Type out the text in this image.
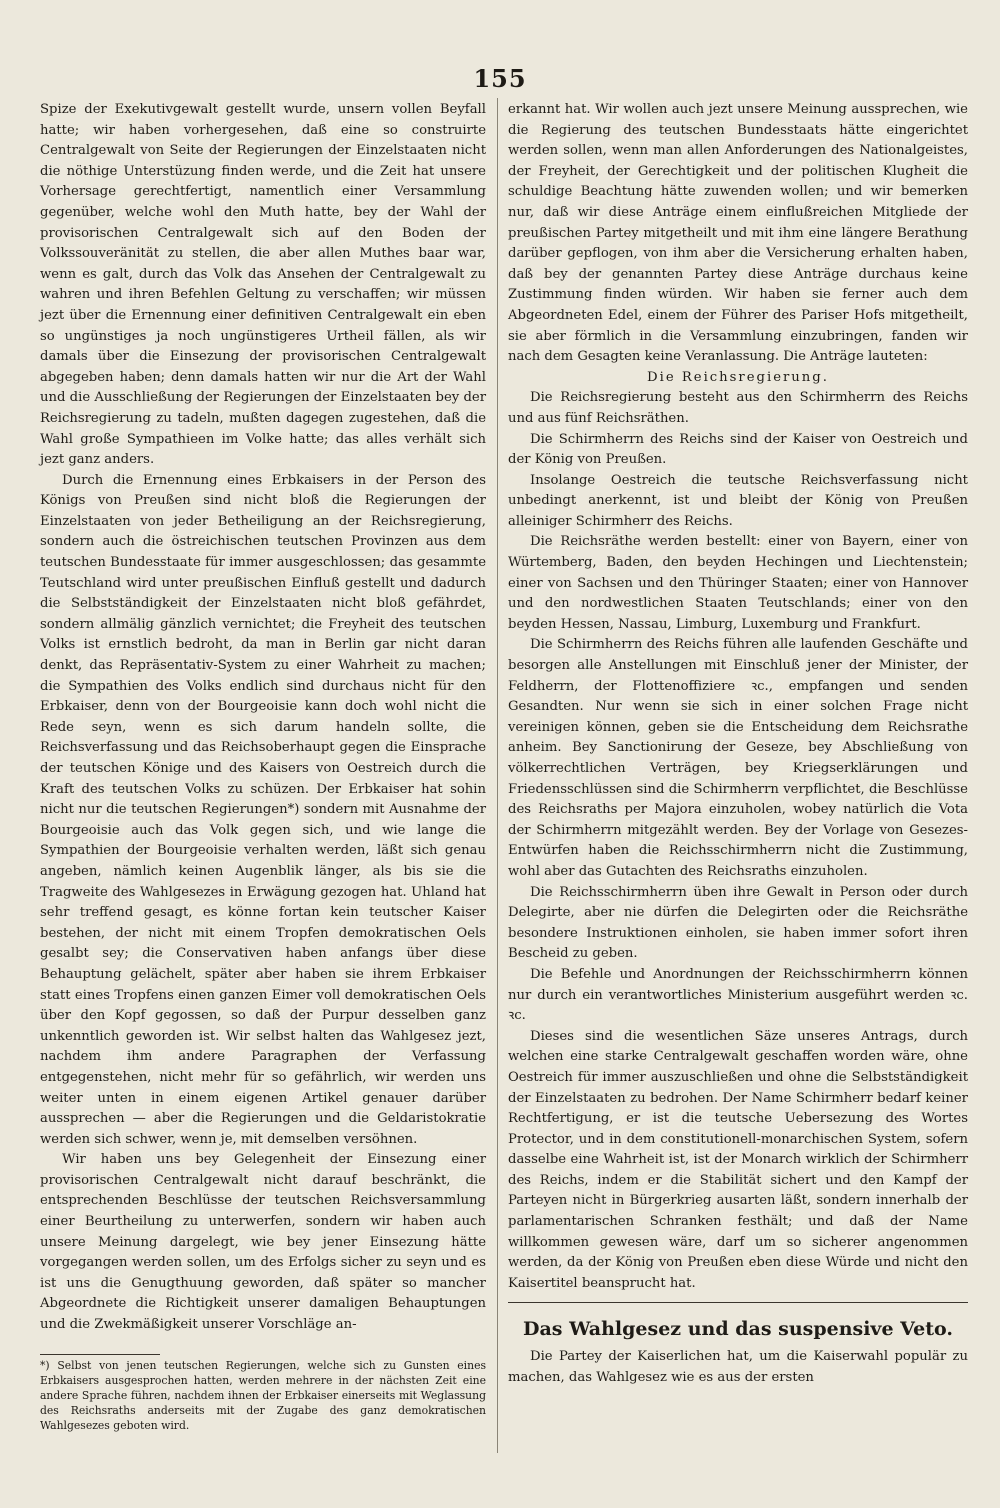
155

Spize der Exekutivgewalt gestellt wurde, unsern vollen Beyfall hatte; wir haben vorhergesehen, daß eine so construirte Centralgewalt von Seite der Regierungen der Einzelstaaten nicht die nöthige Unterstüzung finden werde, und die Zeit hat unsere Vorhersage gerechtfertigt, namentlich einer Versammlung gegenüber, welche wohl den Muth hatte, bey der Wahl der provisorischen Centralgewalt sich auf den Boden der Volkssouveränität zu stellen, die aber allen Muthes baar war, wenn es galt, durch das Volk das Ansehen der Centralgewalt zu wahren und ihren Befehlen Geltung zu verschaffen; wir müssen jezt über die Ernennung einer definitiven Centralgewalt ein eben so ungünstiges ja noch ungünstigeres Urtheil fällen, als wir damals über die Einsezung der provisorischen Centralgewalt abgegeben haben; denn damals hatten wir nur die Art der Wahl und die Ausschließung der Regierungen der Einzelstaaten bey der Reichsregierung zu tadeln, mußten dagegen zugestehen, daß die Wahl große Sympathieen im Volke hatte; das alles verhält sich jezt ganz anders.

Durch die Ernennung eines Erbkaisers in der Person des Königs von Preußen sind nicht bloß die Regierungen der Einzelstaaten von jeder Betheiligung an der Reichsregierung, sondern auch die östreichischen teutschen Provinzen aus dem teutschen Bundesstaate für immer ausgeschlossen; das gesammte Teutschland wird unter preußischen Einfluß gestellt und dadurch die Selbstständigkeit der Einzelstaaten nicht bloß gefährdet, sondern allmälig gänzlich vernichtet; die Freyheit des teutschen Volks ist ernstlich bedroht, da man in Berlin gar nicht daran denkt, das Repräsentativ-System zu einer Wahrheit zu machen; die Sympathien des Volks endlich sind durchaus nicht für den Erbkaiser, denn von der Bourgeoisie kann doch wohl nicht die Rede seyn, wenn es sich darum handeln sollte, die Reichsverfassung und das Reichsoberhaupt gegen die Einsprache der teutschen Könige und des Kaisers von Oestreich durch die Kraft des teutschen Volks zu schüzen. Der Erbkaiser hat sohin nicht nur die teutschen Regierungen*) sondern mit Ausnahme der Bourgeoisie auch das Volk gegen sich, und wie lange die Sympathien der Bourgeoisie verhalten werden, läßt sich genau angeben, nämlich keinen Augenblik länger, als bis sie die Tragweite des Wahlgesezes in Erwägung gezogen hat. Uhland hat sehr treffend gesagt, es könne fortan kein teutscher Kaiser bestehen, der nicht mit einem Tropfen demokratischen Oels gesalbt sey; die Conservativen haben anfangs über diese Behauptung gelächelt, später aber haben sie ihrem Erbkaiser statt eines Tropfens einen ganzen Eimer voll demokratischen Oels über den Kopf gegossen, so daß der Purpur desselben ganz unkenntlich geworden ist. Wir selbst halten das Wahlgesez jezt, nachdem ihm andere Paragraphen der Verfassung entgegenstehen, nicht mehr für so gefährlich, wir werden uns weiter unten in einem eigenen Artikel genauer darüber aussprechen — aber die Regierungen und die Geldaristokratie werden sich schwer, wenn je, mit demselben versöhnen.

Wir haben uns bey Gelegenheit der Einsezung einer provisorischen Centralgewalt nicht darauf beschränkt, die entsprechenden Beschlüsse der teutschen Reichsversammlung einer Beurtheilung zu unterwerfen, sondern wir haben auch unsere Meinung dargelegt, wie bey jener Einsezung hätte vorgegangen werden sollen, um des Erfolgs sicher zu seyn und es ist uns die Genugthuung geworden, daß später so mancher Abgeordnete die Richtigkeit unserer damaligen Behauptungen und die Zwekmäßigkeit unserer Vorschläge an-

*) Selbst von jenen teutschen Regierungen, welche sich zu Gunsten eines Erbkaisers ausgesprochen hatten, werden mehrere in der nächsten Zeit eine andere Sprache führen, nachdem ihnen der Erbkaiser einerseits mit Weglassung des Reichsraths anderseits mit der Zugabe des ganz demokratischen Wahlgesezes geboten wird.

erkannt hat. Wir wollen auch jezt unsere Meinung aussprechen, wie die Regierung des teutschen Bundesstaats hätte eingerichtet werden sollen, wenn man allen Anforderungen des Nationalgeistes, der Freyheit, der Gerechtigkeit und der politischen Klugheit die schuldige Beachtung hätte zuwenden wollen; und wir bemerken nur, daß wir diese Anträge einem einflußreichen Mitgliede der preußischen Partey mitgetheilt und mit ihm eine längere Berathung darüber gepflogen, von ihm aber die Versicherung erhalten haben, daß bey der genannten Partey diese Anträge durchaus keine Zustimmung finden würden. Wir haben sie ferner auch dem Abgeordneten Edel, einem der Führer des Pariser Hofs mitgetheilt, sie aber förmlich in die Versammlung einzubringen, fanden wir nach dem Gesagten keine Veranlassung. Die Anträge lauteten:

Die Reichsregierung.

Die Reichsregierung besteht aus den Schirmherrn des Reichs und aus fünf Reichsräthen.

Die Schirmherrn des Reichs sind der Kaiser von Oestreich und der König von Preußen.

Insolange Oestreich die teutsche Reichsverfassung nicht unbedingt anerkennt, ist und bleibt der König von Preußen alleiniger Schirmherr des Reichs.

Die Reichsräthe werden bestellt: einer von Bayern, einer von Würtemberg, Baden, den beyden Hechingen und Liechtenstein; einer von Sachsen und den Thüringer Staaten; einer von Hannover und den nordwestlichen Staaten Teutschlands; einer von den beyden Hessen, Nassau, Limburg, Luxemburg und Frankfurt.

Die Schirmherrn des Reichs führen alle laufenden Geschäfte und besorgen alle Anstellungen mit Einschluß jener der Minister, der Feldherrn, der Flottenoffiziere ꝛc., empfangen und senden Gesandten. Nur wenn sie sich in einer solchen Frage nicht vereinigen können, geben sie die Entscheidung dem Reichsrathe anheim. Bey Sanctionirung der Geseze, bey Abschließung von völkerrechtlichen Verträgen, bey Kriegserklärungen und Friedensschlüssen sind die Schirmherrn verpflichtet, die Beschlüsse des Reichsraths per Majora einzuholen, wobey natürlich die Vota der Schirmherrn mitgezählt werden. Bey der Vorlage von Gesezes-Entwürfen haben die Reichsschirmherrn nicht die Zustimmung, wohl aber das Gutachten des Reichsraths einzuholen.

Die Reichsschirmherrn üben ihre Gewalt in Person oder durch Delegirte, aber nie dürfen die Delegirten oder die Reichsräthe besondere Instruktionen einholen, sie haben immer sofort ihren Bescheid zu geben.

Die Befehle und Anordnungen der Reichsschirmherrn können nur durch ein verantwortliches Ministerium ausgeführt werden ꝛc. ꝛc.

Dieses sind die wesentlichen Säze unseres Antrags, durch welchen eine starke Centralgewalt geschaffen worden wäre, ohne Oestreich für immer auszuschließen und ohne die Selbstständigkeit der Einzelstaaten zu bedrohen. Der Name Schirmherr bedarf keiner Rechtfertigung, er ist die teutsche Uebersezung des Wortes Protector, und in dem constitutionell-monarchischen System, sofern dasselbe eine Wahrheit ist, ist der Monarch wirklich der Schirmherr des Reichs, indem er die Stabilität sichert und den Kampf der Parteyen nicht in Bürgerkrieg ausarten läßt, sondern innerhalb der parlamentarischen Schranken festhält; und daß der Name willkommen gewesen wäre, darf um so sicherer angenommen werden, da der König von Preußen eben diese Würde und nicht den Kaisertitel beansprucht hat.

Das Wahlgesez und das suspensive Veto.

Die Partey der Kaiserlichen hat, um die Kaiserwahl populär zu machen, das Wahlgesez wie es aus der ersten
